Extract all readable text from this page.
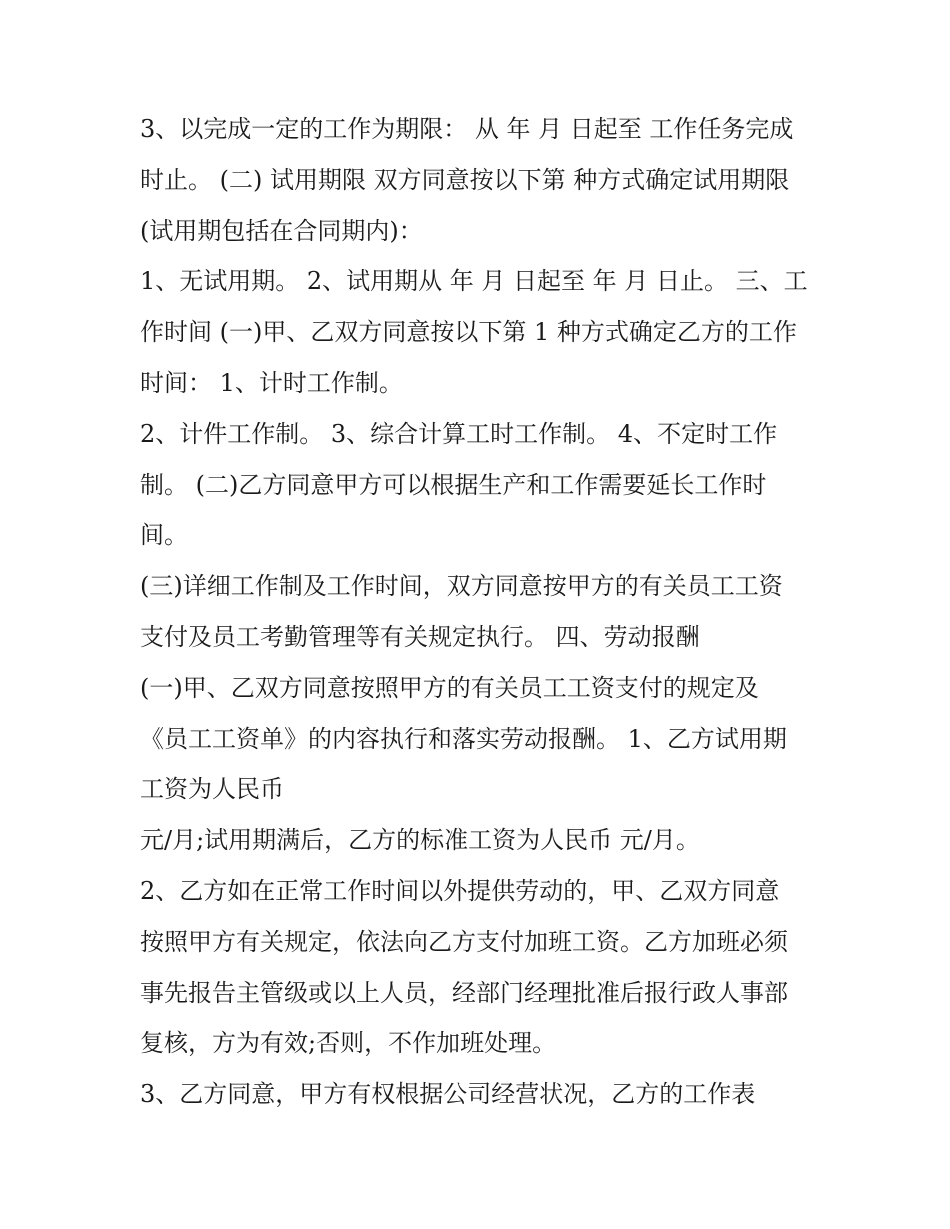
3、以完成一定的工作为期限： 从 年 月 日起至 工作任务完成
时止。 (二) 试用期限 双方同意按以下第 种方式确定试用期限
(试用期包括在合同期内)：
1、无试用期。 2、试用期从 年 月 日起至 年 月 日止。 三、工
作时间 (一)甲、乙双方同意按以下第 1 种方式确定乙方的工作
时间： 1、计时工作制。
2、计件工作制。 3、综合计算工时工作制。 4、不定时工作
制。 (二)乙方同意甲方可以根据生产和工作需要延长工作时
间。
(三)详细工作制及工作时间，双方同意按甲方的有关员工工资
支付及员工考勤管理等有关规定执行。 四、劳动报酬
(一)甲、乙双方同意按照甲方的有关员工工资支付的规定及
《员工工资单》的内容执行和落实劳动报酬。 1、乙方试用期
工资为人民币
元/月;试用期满后，乙方的标准工资为人民币 元/月。
2、乙方如在正常工作时间以外提供劳动的，甲、乙双方同意
按照甲方有关规定，依法向乙方支付加班工资。乙方加班必须
事先报告主管级或以上人员，经部门经理批准后报行政人事部
复核，方为有效;否则，不作加班处理。
3、乙方同意，甲方有权根据公司经营状况，乙方的工作表
